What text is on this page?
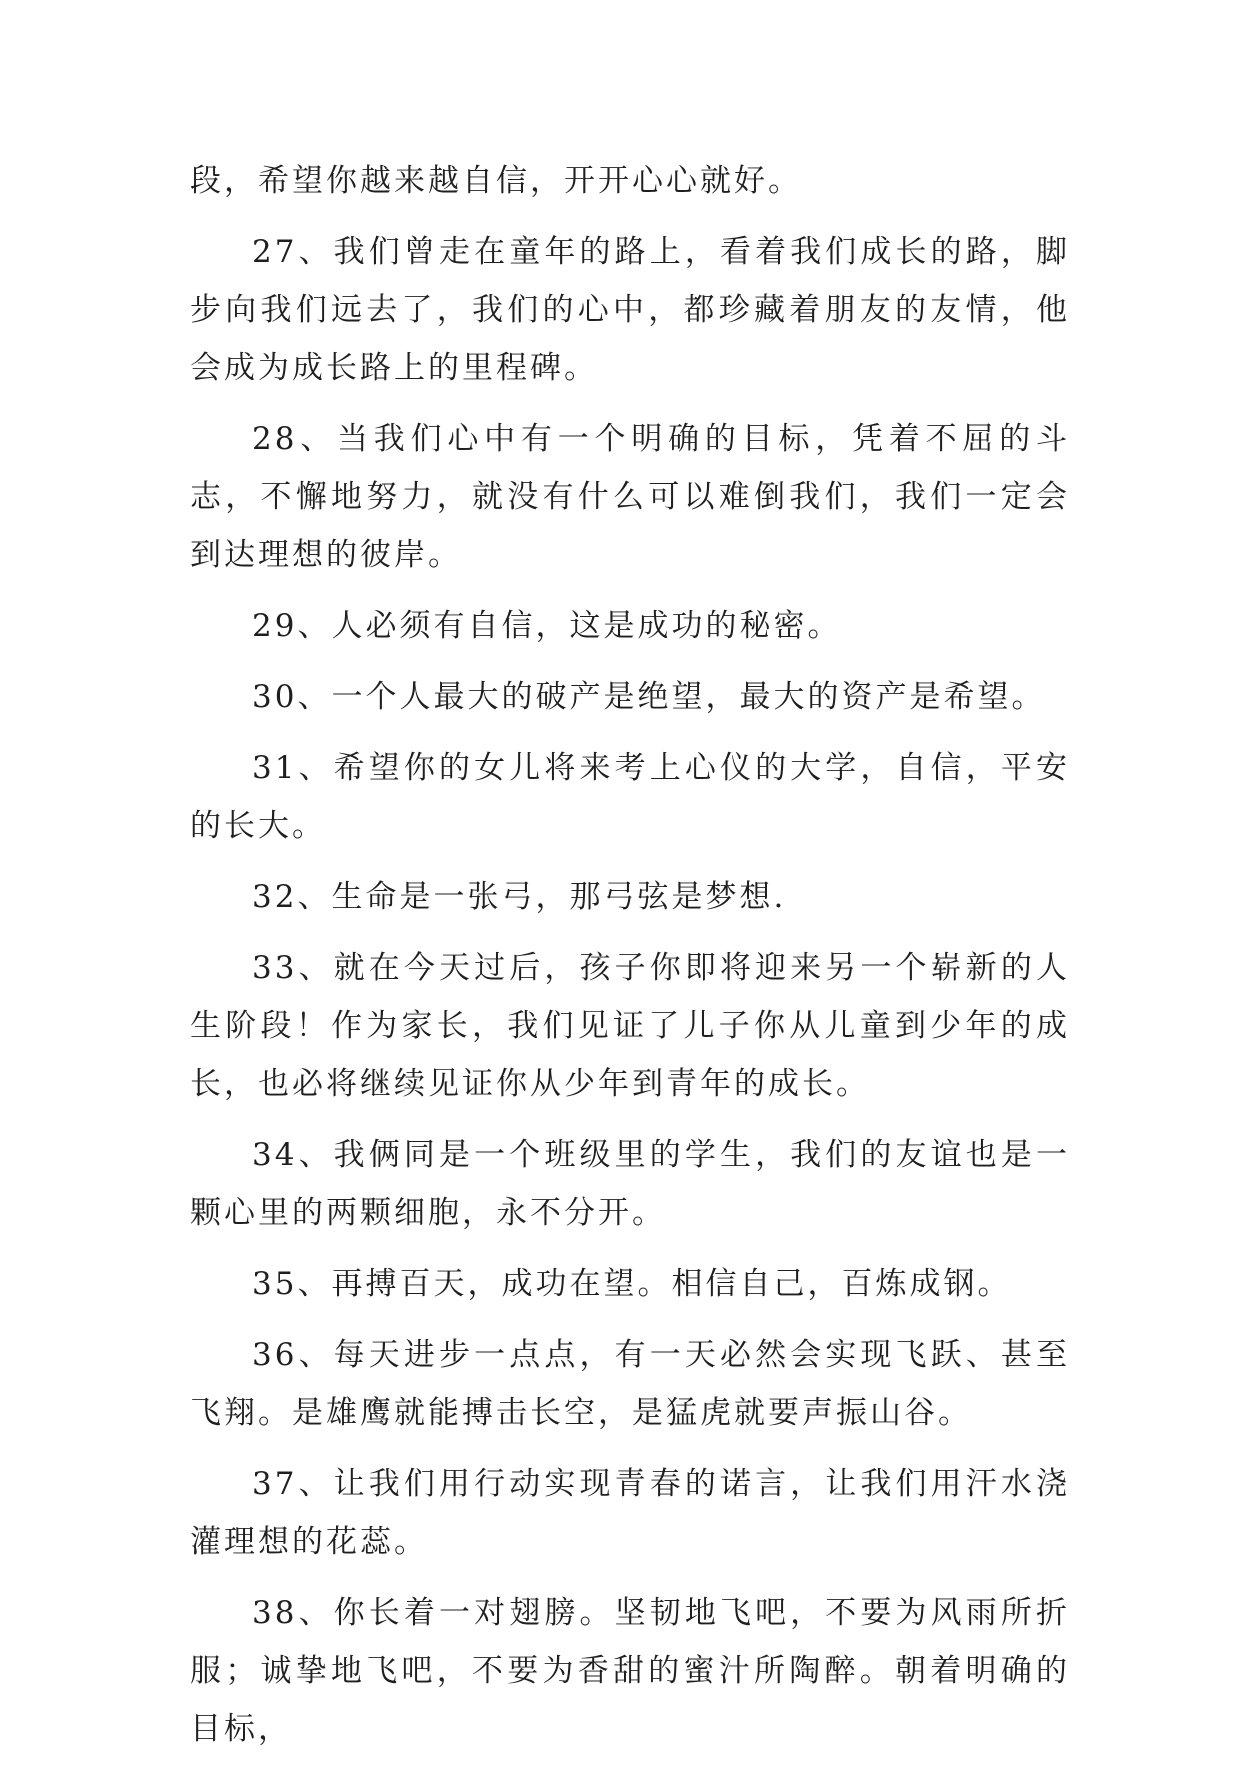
段，希望你越来越自信，开开心心就好。

27、我们曾走在童年的路上，看着我们成长的路，脚步向我们远去了，我们的心中，都珍藏着朋友的友情，他会成为成长路上的里程碑。

28、当我们心中有一个明确的目标，凭着不屈的斗志，不懈地努力，就没有什么可以难倒我们，我们一定会到达理想的彼岸。

29、人必须有自信，这是成功的秘密。

30、一个人最大的破产是绝望，最大的资产是希望。

31、希望你的女儿将来考上心仪的大学，自信，平安的长大。

32、生命是一张弓，那弓弦是梦想.

33、就在今天过后，孩子你即将迎来另一个崭新的人生阶段！作为家长，我们见证了儿子你从儿童到少年的成长，也必将继续见证你从少年到青年的成长。

34、我俩同是一个班级里的学生，我们的友谊也是一颗心里的两颗细胞，永不分开。

35、再搏百天，成功在望。相信自己，百炼成钢。

36、每天进步一点点，有一天必然会实现飞跃、甚至飞翔。是雄鹰就能搏击长空，是猛虎就要声振山谷。

37、让我们用行动实现青春的诺言，让我们用汗水浇灌理想的花蕊。

38、你长着一对翅膀。坚韧地飞吧，不要为风雨所折服；诚挚地飞吧，不要为香甜的蜜汁所陶醉。朝着明确的目标，
